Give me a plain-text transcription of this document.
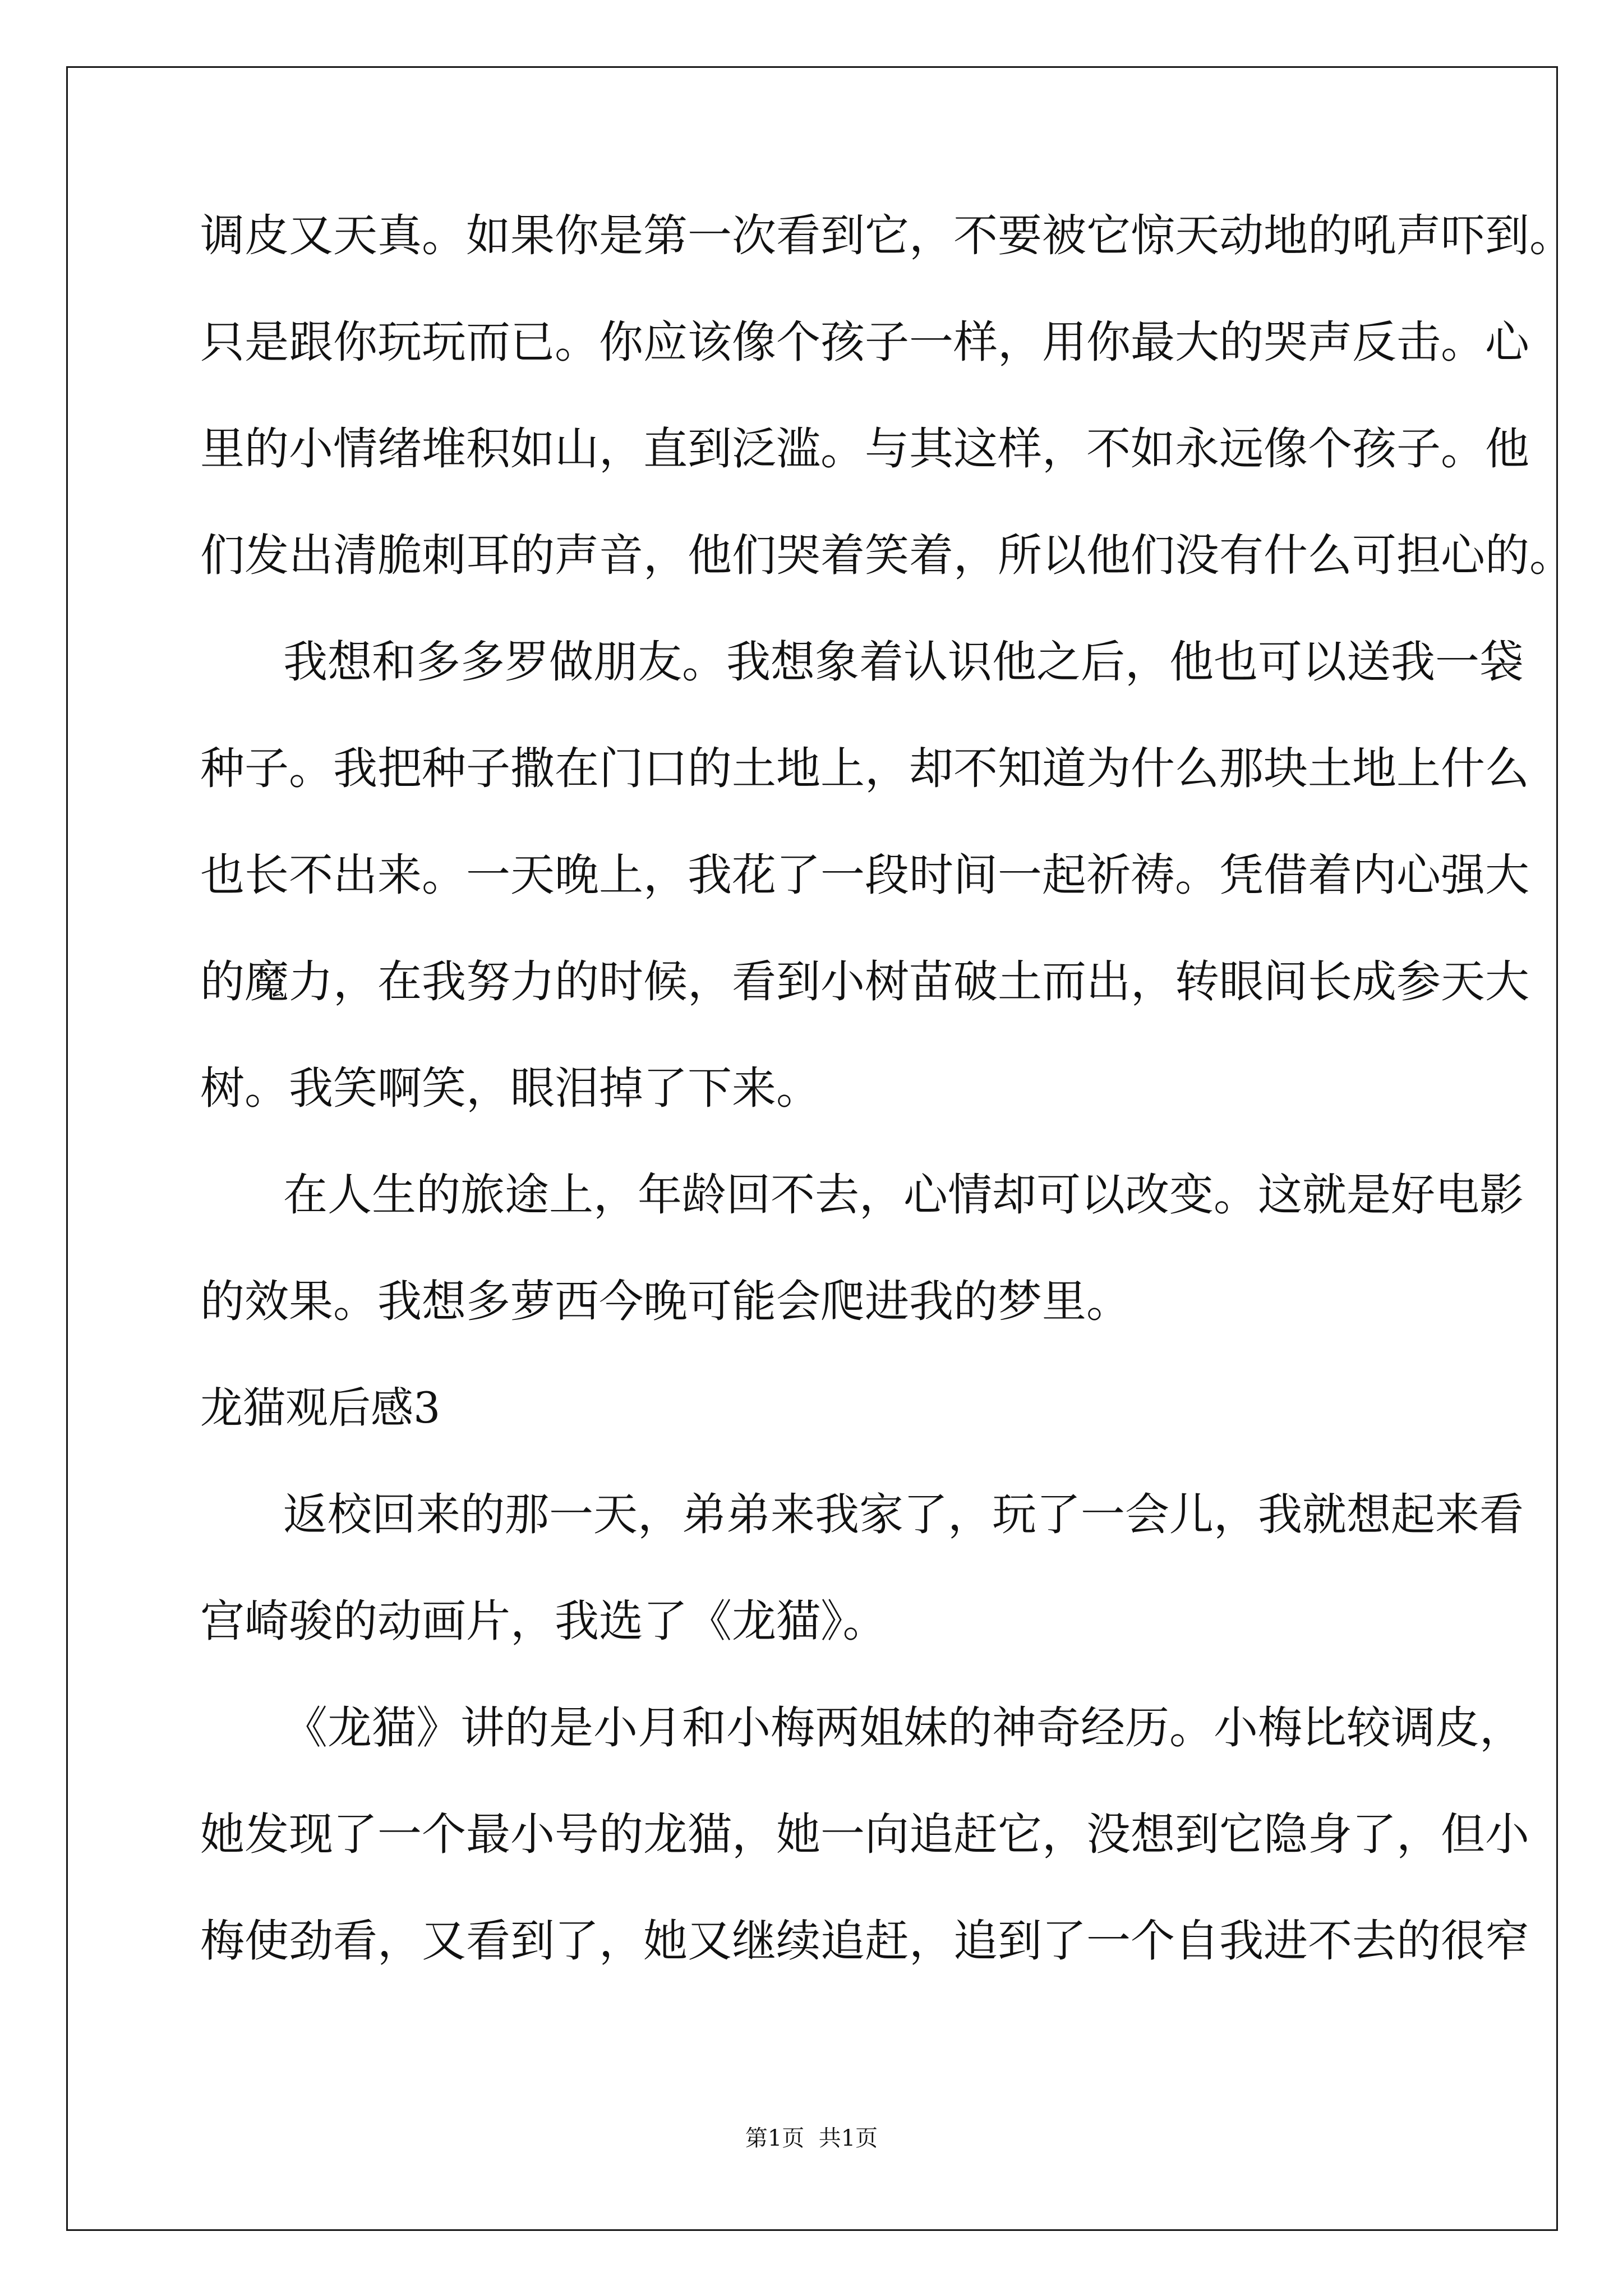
调皮又天真。如果你是第一次看到它，不要被它惊天动地的吼声吓到。

只是跟你玩玩而已。你应该像个孩子一样，用你最大的哭声反击。心

里的小情绪堆积如山，直到泛滥。与其这样，不如永远像个孩子。他

们发出清脆刺耳的声音，他们哭着笑着，所以他们没有什么可担心的。

我想和多多罗做朋友。我想象着认识他之后，他也可以送我一袋

种子。我把种子撒在门口的土地上，却不知道为什么那块土地上什么

也长不出来。一天晚上，我花了一段时间一起祈祷。凭借着内心强大

的魔力，在我努力的时候，看到小树苗破土而出，转眼间长成参天大

树。我笑啊笑，眼泪掉了下来。

在人生的旅途上，年龄回不去，心情却可以改变。这就是好电影

的效果。我想多萝西今晚可能会爬进我的梦里。

龙猫观后感3

返校回来的那一天，弟弟来我家了，玩了一会儿，我就想起来看

宫崎骏的动画片，我选了《龙猫》。

《龙猫》讲的是小月和小梅两姐妹的神奇经历。小梅比较调皮，

她发现了一个最小号的龙猫，她一向追赶它，没想到它隐身了，但小

梅使劲看，又看到了，她又继续追赶，追到了一个自我进不去的很窄

第1页  共1页
